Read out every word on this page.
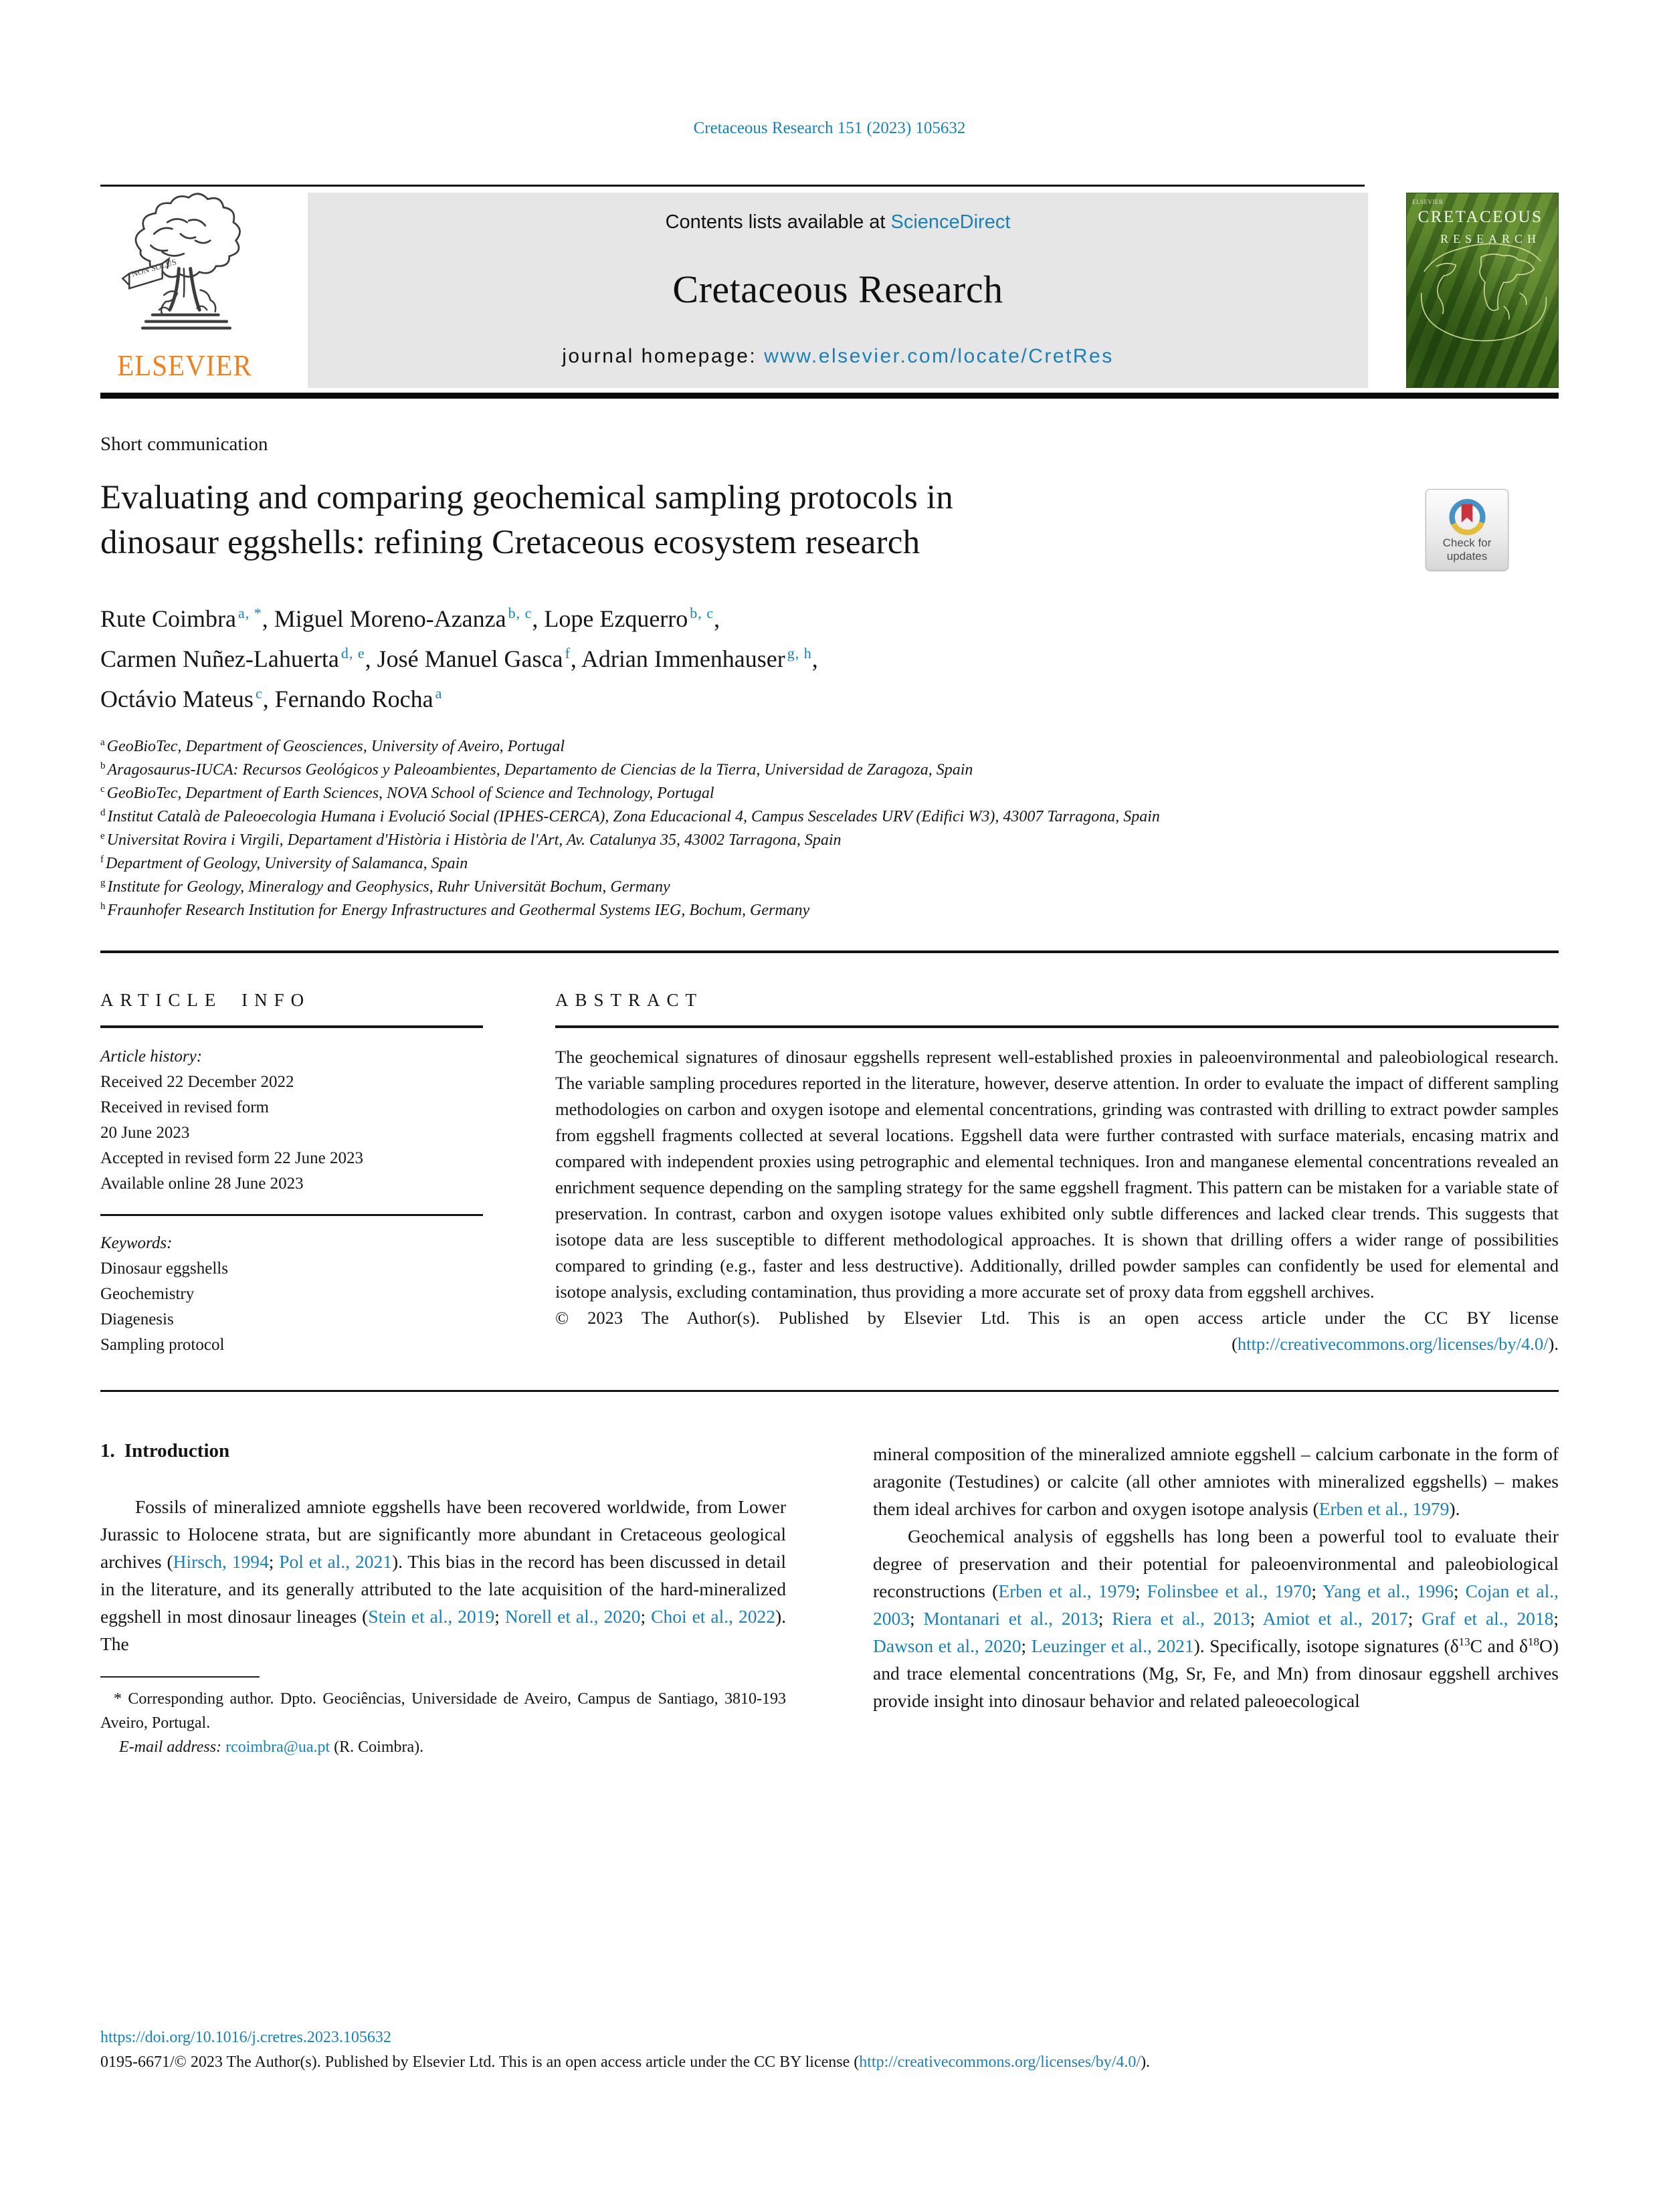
Cretaceous Research 151 (2023) 105632
NON SOLUS
ELSEVIER
Contents lists available at ScienceDirect
Cretaceous Research
journal homepage: www.elsevier.com/locate/CretRes
ELSEVIER
CRETACEOUS
RESEARCH
Short communication
Evaluating and comparing geochemical sampling protocols in
dinosaur eggshells: refining Cretaceous ecosystem research	Check for updates
Rute Coimbra $^{a, *}$, Miguel Moreno-Azanza $^{b, c}$, Lope Ezquerro $^{b, c}$,
Carmen Nuñez-Lahuerta $^{d, e}$, José Manuel Gasca $^f$, Adrian Immenhauser $^{g, h}$,
Octávio Mateus $^c$, Fernando Rocha $^a$
$^a$ GeoBioTec, Department of Geosciences, University of Aveiro, Portugal
$^b$ Aragosaurus-IUCA: Recursos Geológicos y Paleoambientes, Departamento de Ciencias de la Tierra, Universidad de Zaragoza, Spain
$^c$ GeoBioTec, Department of Earth Sciences, NOVA School of Science and Technology, Portugal
$^d$ Institut Català de Paleoecologia Humana i Evolució Social (IPHES-CERCA), Zona Educacional 4, Campus Sescelades URV (Edifici W3), 43007 Tarragona, Spain
$^e$ Universitat Rovira i Virgili, Departament d'Història i Història de l'Art, Av. Catalunya 35, 43002 Tarragona, Spain
$^f$ Department of Geology, University of Salamanca, Spain
$^g$ Institute for Geology, Mineralogy and Geophysics, Ruhr Universität Bochum, Germany
$^h$ Fraunhofer Research Institution for Energy Infrastructures and Geothermal Systems IEG, Bochum, Germany
ARTICLE INFO
Article history:
Received 22 December 2022
Received in revised form
20 June 2023
Accepted in revised form 22 June 2023
Available online 28 June 2023
Keywords:
Dinosaur eggshells
Geochemistry
Diagenesis
Sampling protocol
ABSTRACT

The geochemical signatures of dinosaur eggshells represent well-established proxies in paleoenvironmental and paleobiological research. The variable sampling procedures reported in the literature, however, deserve attention. In order to evaluate the impact of different sampling methodologies on carbon and oxygen isotope and elemental concentrations, grinding was contrasted with drilling to extract powder samples from eggshell fragments collected at several locations. Eggshell data were further contrasted with surface materials, encasing matrix and compared with independent proxies using petrographic and elemental techniques. Iron and manganese elemental concentrations revealed an enrichment sequence depending on the sampling strategy for the same eggshell fragment. This pattern can be mistaken for a variable state of preservation. In contrast, carbon and oxygen isotope values exhibited only subtle differences and lacked clear trends. This suggests that isotope data are less susceptible to different methodological approaches. It is shown that drilling offers a wider range of possibilities compared to grinding (e.g., faster and less destructive). Additionally, drilled powder samples can confidently be used for elemental and isotope analysis, excluding contamination, thus providing a more accurate set of proxy data from eggshell archives.

© 2023 The Author(s). Published by Elsevier Ltd. This is an open access article under the CC BY license
(http://creativecommons.org/licenses/by/4.0/).
1. Introduction

Fossils of mineralized amniote eggshells have been recovered worldwide, from Lower Jurassic to Holocene strata, but are significantly more abundant in Cretaceous geological archives (Hirsch, 1994; Pol et al., 2021). This bias in the record has been discussed in detail in the literature, and its generally attributed to the late acquisition of the hard-mineralized eggshell in most dinosaur lineages (Stein et al., 2019; Norell et al., 2020; Choi et al., 2022). The

* Corresponding author. Dpto. Geociências, Universidade de Aveiro, Campus de Santiago, 3810-193 Aveiro, Portugal.
E-mail address: rcoimbra@ua.pt (R. Coimbra).

mineral composition of the mineralized amniote eggshell – calcium carbonate in the form of aragonite (Testudines) or calcite (all other amniotes with mineralized eggshells) – makes them ideal archives for carbon and oxygen isotope analysis (Erben et al., 1979).

Geochemical analysis of eggshells has long been a powerful tool to evaluate their degree of preservation and their potential for paleoenvironmental and paleobiological reconstructions (Erben et al., 1979; Folinsbee et al., 1970; Yang et al., 1996; Cojan et al., 2003; Montanari et al., 2013; Riera et al., 2013; Amiot et al., 2017; Graf et al., 2018; Dawson et al., 2020; Leuzinger et al., 2021). Specifically, isotope signatures ($\delta^{13}C$ and $\delta^{18}O$) and trace elemental concentrations (Mg, Sr, Fe, and Mn) from dinosaur eggshell archives provide insight into dinosaur behavior and related paleoecological

https://doi.org/10.1016/j.cretres.2023.105632
0195-6671/© 2023 The Author(s). Published by Elsevier Ltd. This is an open access article under the CC BY license (http://creativecommons.org/licenses/by/4.0/).
